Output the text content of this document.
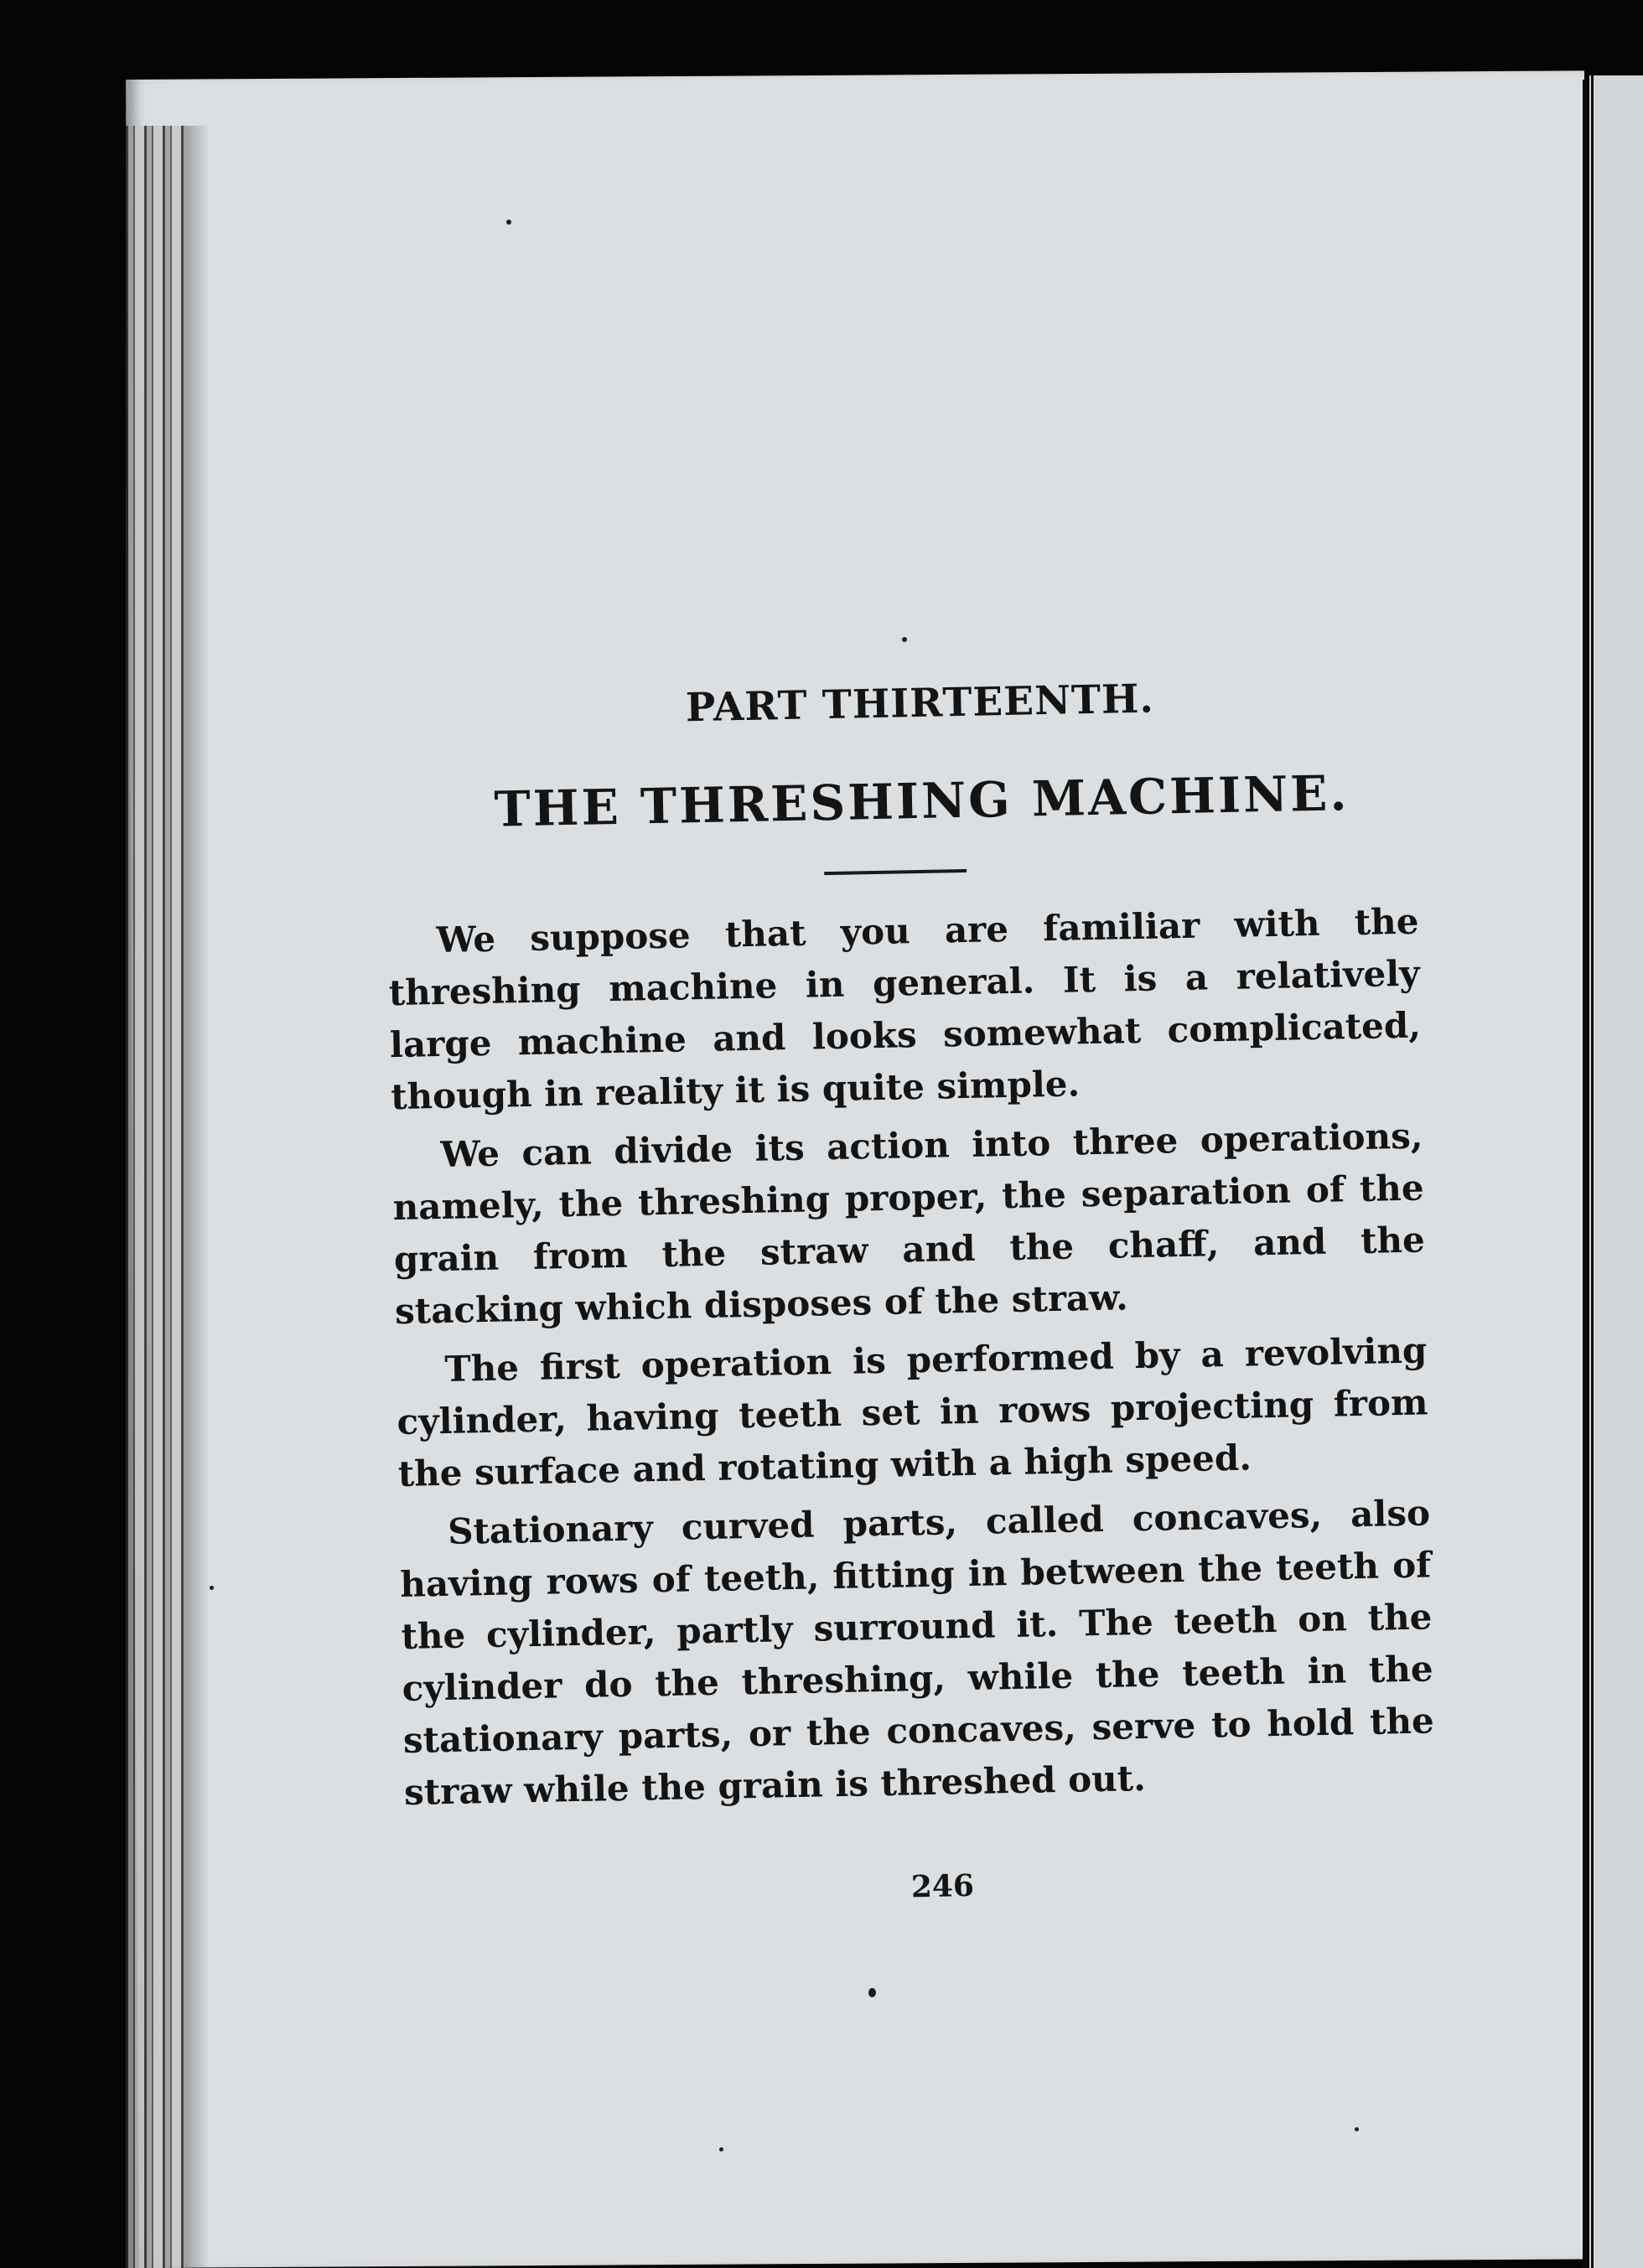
PART THIRTEENTH.
THE THRESHING MACHINE.

We suppose that you are familiar with the threshing machine in general. It is a relatively large machine and looks somewhat complicated, though in reality it is quite simple.

We can divide its action into three operations, namely, the threshing proper, the separation of the grain from the straw and the chaff, and the stacking which disposes of the straw.

The first operation is performed by a revolving cylinder, having teeth set in rows projecting from the surface and rotating with a high speed.

Stationary curved parts, called concaves, also having rows of teeth, fitting in between the teeth of the cylinder, partly surround it. The teeth on the cylinder do the threshing, while the teeth in the stationary parts, or the concaves, serve to hold the straw while the grain is threshed out.

246
